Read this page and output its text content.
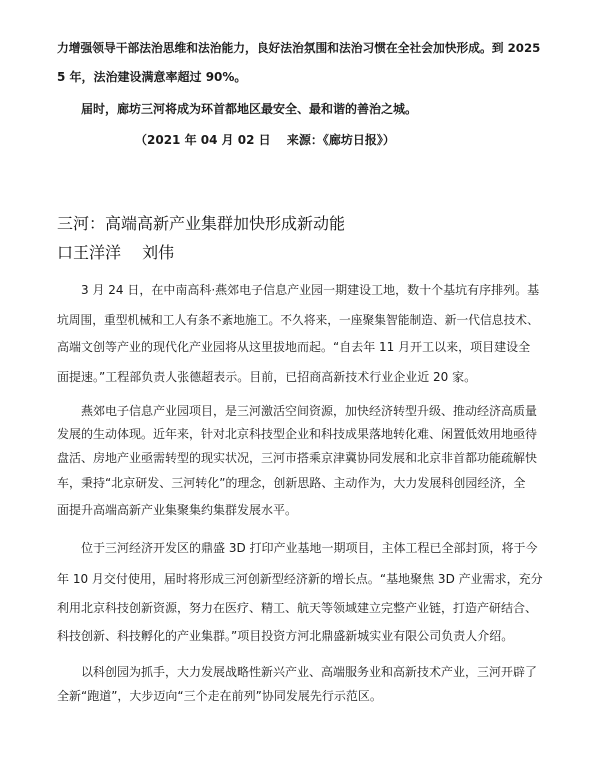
力增强领导干部法治思维和法治能力，良好法治氛围和法治习惯在全社会加快形成。到 2025
5 年，法治建设满意率超过 90%。
届时，廊坊三河将成为环首都地区最安全、最和谐的善治之城。
（2021 年 04 月 02 日　 来源：《廊坊日报》）
三河：高端高新产业集群加快形成新动能
口王洋洋　 刘伟
3 月 24 日，在中南高科·燕郊电子信息产业园一期建设工地，数十个基坑有序排列。基
坑周围，重型机械和工人有条不紊地施工。不久将来，一座聚集智能制造、新一代信息技术、
高端文创等产业的现代化产业园将从这里拔地而起。“自去年 11 月开工以来，项目建设全
面提速。”工程部负责人张德超表示。目前，已招商高新技术行业企业近 20 家。
燕郊电子信息产业园项目，是三河激活空间资源，加快经济转型升级、推动经济高质量
发展的生动体现。近年来，针对北京科技型企业和科技成果落地转化难、闲置低效用地亟待
盘活、房地产业亟需转型的现实状况，三河市搭乘京津冀协同发展和北京非首都功能疏解快
车，秉持“北京研发、三河转化”的理念，创新思路、主动作为，大力发展科创园经济，全
面提升高端高新产业集聚集约集群发展水平。
位于三河经济开发区的鼎盛 3D 打印产业基地一期项目，主体工程已全部封顶，将于今
年 10 月交付使用，届时将形成三河创新型经济新的增长点。“基地聚焦 3D 产业需求，充分
利用北京科技创新资源，努力在医疗、精工、航天等领域建立完整产业链，打造产研结合、
科技创新、科技孵化的产业集群。”项目投资方河北鼎盛新城实业有限公司负责人介绍。
以科创园为抓手，大力发展战略性新兴产业、高端服务业和高新技术产业，三河开辟了
全新“跑道”，大步迈向“三个走在前列”协同发展先行示范区。
